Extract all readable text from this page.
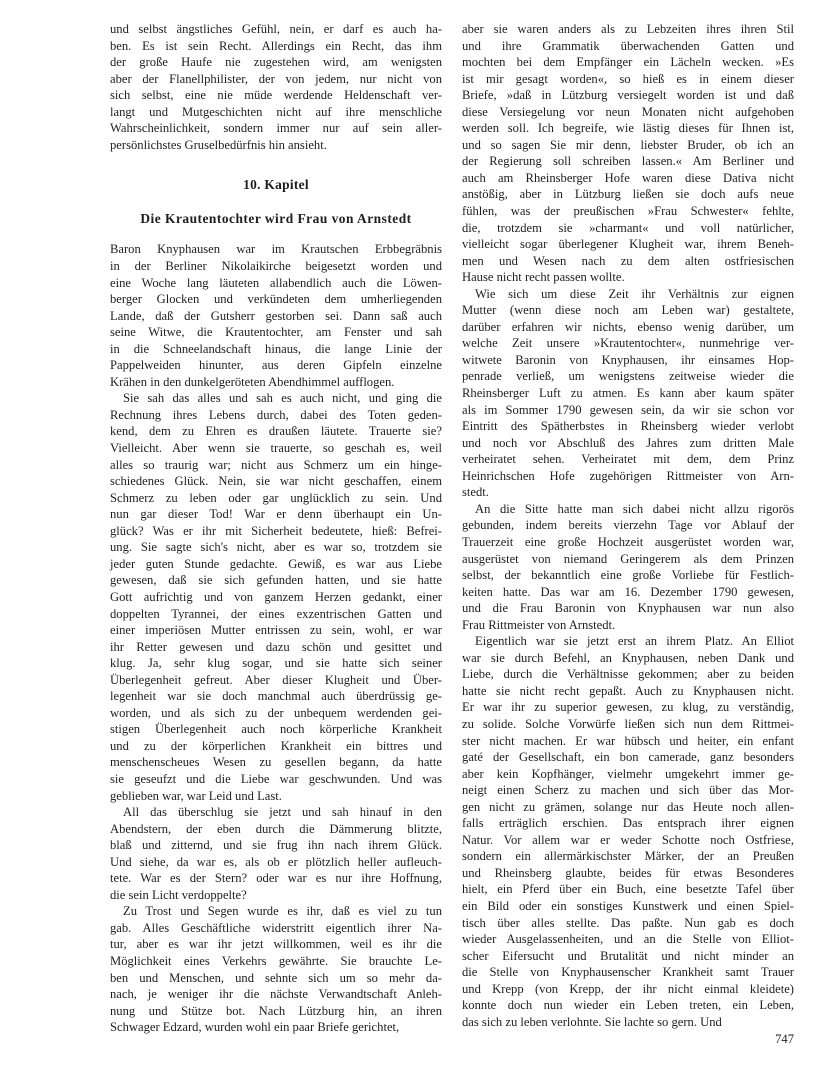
und selbst ängstliches Gefühl, nein, er darf es auch ha-
ben. Es ist sein Recht. Allerdings ein Recht, das ihm
der große Haufe nie zugestehen wird, am wenigsten
aber der Flanellphilister, der von jedem, nur nicht von
sich selbst, eine nie müde werdende Heldenschaft ver-
langt und Mutgeschichten nicht auf ihre menschliche
Wahrscheinlichkeit, sondern immer nur auf sein aller-
persönlichstes Gruselbedürfnis hin ansieht.
10. Kapitel
Die Krautentochter wird Frau von Arnstedt
Baron Knyphausen war im Krautschen Erbbegräbnis
in der Berliner Nikolaikirche beigesetzt worden und
eine Woche lang läuteten allabendlich auch die Löwen-
berger Glocken und verkündeten dem umherliegenden
Lande, daß der Gutsherr gestorben sei. Dann saß auch
seine Witwe, die Krautentochter, am Fenster und sah
in die Schneelandschaft hinaus, die lange Linie der
Pappelweiden hinunter, aus deren Gipfeln einzelne
Krähen in den dunkelgeröteten Abendhimmel aufflogen.
Sie sah das alles und sah es auch nicht, und ging die
Rechnung ihres Lebens durch, dabei des Toten geden-
kend, dem zu Ehren es draußen läutete. Trauerte sie?
Vielleicht. Aber wenn sie trauerte, so geschah es, weil
alles so traurig war; nicht aus Schmerz um ein hinge-
schiedenes Glück. Nein, sie war nicht geschaffen, einem
Schmerz zu leben oder gar unglücklich zu sein. Und
nun gar dieser Tod! War er denn überhaupt ein Un-
glück? Was er ihr mit Sicherheit bedeutete, hieß: Befrei-
ung. Sie sagte sich's nicht, aber es war so, trotzdem sie
jeder guten Stunde gedachte. Gewiß, es war aus Liebe
gewesen, daß sie sich gefunden hatten, und sie hatte
Gott aufrichtig und von ganzem Herzen gedankt, einer
doppelten Tyrannei, der eines exzentrischen Gatten und
einer imperiösen Mutter entrissen zu sein, wohl, er war
ihr Retter gewesen und dazu schön und gesittet und
klug. Ja, sehr klug sogar, und sie hatte sich seiner
Überlegenheit gefreut. Aber dieser Klugheit und Über-
legenheit war sie doch manchmal auch überdrüssig ge-
worden, und als sich zu der unbequem werdenden gei-
stigen Überlegenheit auch noch körperliche Krankheit
und zu der körperlichen Krankheit ein bittres und
menschenscheues Wesen zu gesellen begann, da hatte
sie geseufzt und die Liebe war geschwunden. Und was
geblieben war, war Leid und Last.
All das überschlug sie jetzt und sah hinauf in den
Abendstern, der eben durch die Dämmerung blitzte,
blaß und zitternd, und sie frug ihn nach ihrem Glück.
Und siehe, da war es, als ob er plötzlich heller aufleuch-
tete. War es der Stern? oder war es nur ihre Hoffnung,
die sein Licht verdoppelte?
Zu Trost und Segen wurde es ihr, daß es viel zu tun
gab. Alles Geschäftliche widerstritt eigentlich ihrer Na-
tur, aber es war ihr jetzt willkommen, weil es ihr die
Möglichkeit eines Verkehrs gewährte. Sie brauchte Le-
ben und Menschen, und sehnte sich um so mehr da-
nach, je weniger ihr die nächste Verwandtschaft Anleh-
nung und Stütze bot. Nach Lützburg hin, an ihren
Schwager Edzard, wurden wohl ein paar Briefe gerichtet,
aber sie waren anders als zu Lebzeiten ihres ihren Stil
und ihre Grammatik überwachenden Gatten und
mochten bei dem Empfänger ein Lächeln wecken. »Es
ist mir gesagt worden«, so hieß es in einem dieser
Briefe, »daß in Lützburg versiegelt worden ist und daß
diese Versiegelung vor neun Monaten nicht aufgehoben
werden soll. Ich begreife, wie lästig dieses für Ihnen ist,
und so sagen Sie mir denn, liebster Bruder, ob ich an
der Regierung soll schreiben lassen.« Am Berliner und
auch am Rheinsberger Hofe waren diese Dativa nicht
anstößig, aber in Lützburg ließen sie doch aufs neue
fühlen, was der preußischen »Frau Schwester« fehlte,
die, trotzdem sie »charmant« und voll natürlicher,
vielleicht sogar überlegener Klugheit war, ihrem Beneh-
men und Wesen nach zu dem alten ostfriesischen
Hause nicht recht passen wollte.
Wie sich um diese Zeit ihr Verhältnis zur eignen
Mutter (wenn diese noch am Leben war) gestaltete,
darüber erfahren wir nichts, ebenso wenig darüber, um
welche Zeit unsere »Krautentochter«, nunmehrige ver-
witwete Baronin von Knyphausen, ihr einsames Hop-
penrade verließ, um wenigstens zeitweise wieder die
Rheinsberger Luft zu atmen. Es kann aber kaum später
als im Sommer 1790 gewesen sein, da wir sie schon vor
Eintritt des Spätherbstes in Rheinsberg wieder verlobt
und noch vor Abschluß des Jahres zum dritten Male
verheiratet sehen. Verheiratet mit dem, dem Prinz
Heinrichschen Hofe zugehörigen Rittmeister von Arn-
stedt.
An die Sitte hatte man sich dabei nicht allzu rigorös
gebunden, indem bereits vierzehn Tage vor Ablauf der
Trauerzeit eine große Hochzeit ausgerüstet worden war,
ausgerüstet von niemand Geringerem als dem Prinzen
selbst, der bekanntlich eine große Vorliebe für Festlich-
keiten hatte. Das war am 16. Dezember 1790 gewesen,
und die Frau Baronin von Knyphausen war nun also
Frau Rittmeister von Arnstedt.
Eigentlich war sie jetzt erst an ihrem Platz. An Elliot
war sie durch Befehl, an Knyphausen, neben Dank und
Liebe, durch die Verhältnisse gekommen; aber zu beiden
hatte sie nicht recht gepaßt. Auch zu Knyphausen nicht.
Er war ihr zu superior gewesen, zu klug, zu verständig,
zu solide. Solche Vorwürfe ließen sich nun dem Rittmei-
ster nicht machen. Er war hübsch und heiter, ein enfant
gaté der Gesellschaft, ein bon camerade, ganz besonders
aber kein Kopfhänger, vielmehr umgekehrt immer ge-
neigt einen Scherz zu machen und sich über das Mor-
gen nicht zu grämen, solange nur das Heute noch allen-
falls erträglich erschien. Das entsprach ihrer eignen
Natur. Vor allem war er weder Schotte noch Ostfriese,
sondern ein allermärkischster Märker, der an Preußen
und Rheinsberg glaubte, beides für etwas Besonderes
hielt, ein Pferd über ein Buch, eine besetzte Tafel über
ein Bild oder ein sonstiges Kunstwerk und einen Spiel-
tisch über alles stellte. Das paßte. Nun gab es doch
wieder Ausgelassenheiten, und an die Stelle von Elliot-
scher Eifersucht und Brutalität und nicht minder an
die Stelle von Knyphausenscher Krankheit samt Trauer
und Krepp (von Krepp, der ihr nicht einmal kleidete)
konnte doch nun wieder ein Leben treten, ein Leben,
das sich zu leben verlohnte. Sie lachte so gern. Und
747
